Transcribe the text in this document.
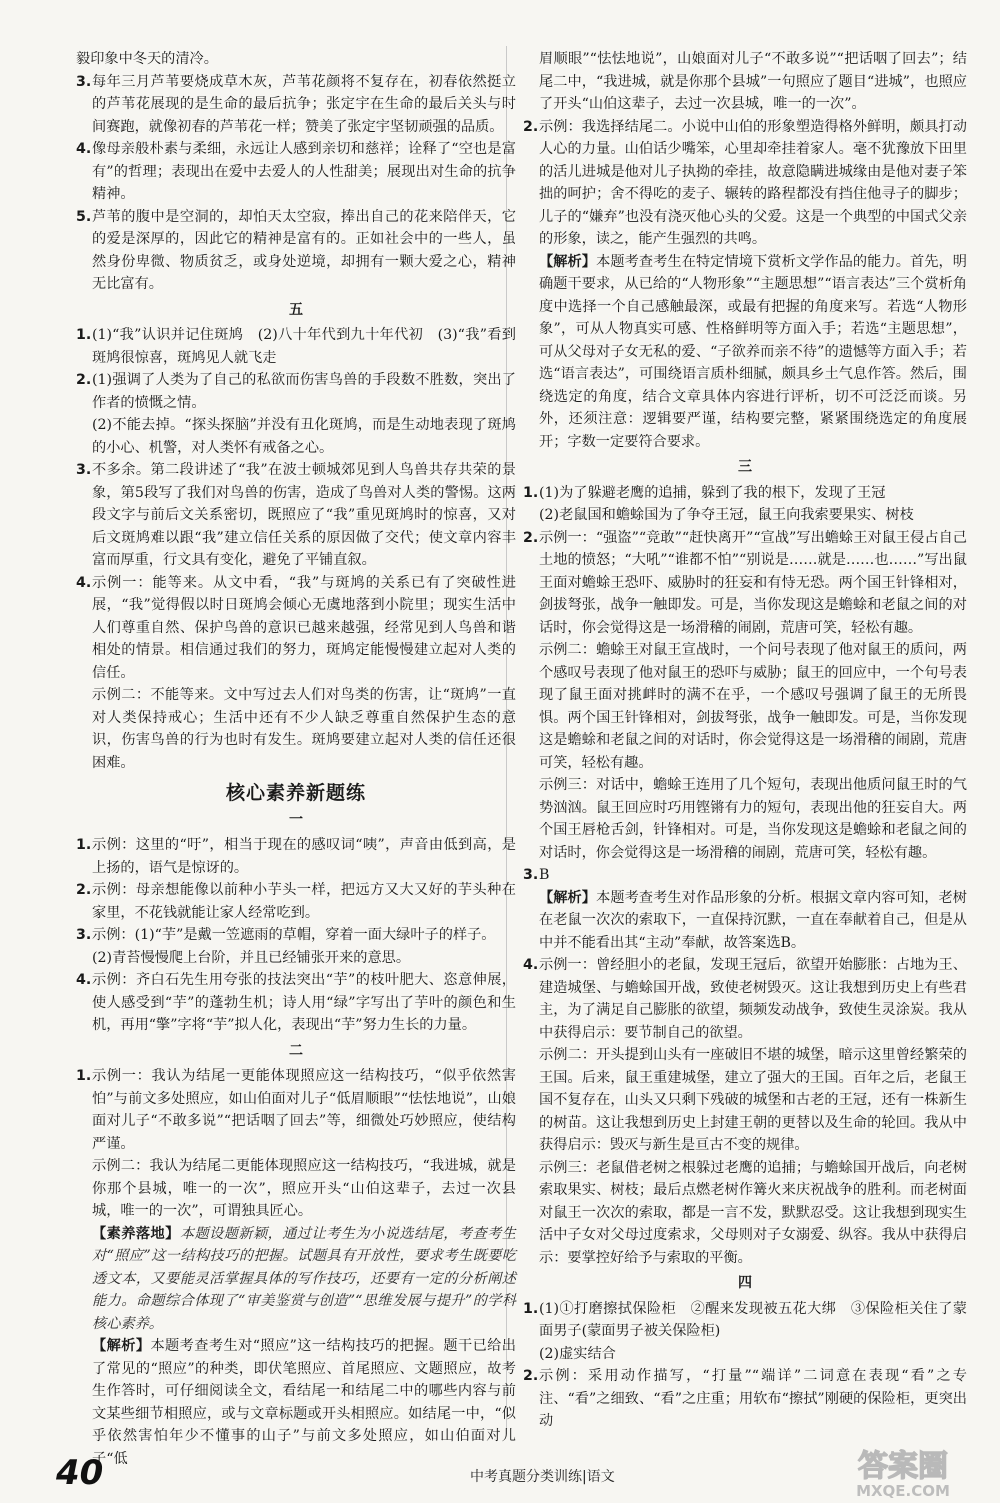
毅印象中冬天的清冷。

3. 每年三月芦苇要烧成草木灰，芦苇花颜将不复存在，初春依然挺立的芦苇花展现的是生命的最后抗争；张定宇在生命的最后关头与时间赛跑，就像初春的芦苇花一样；赞美了张定宇坚韧顽强的品质。

4. 像母亲般朴素与柔细，永远让人感到亲切和慈祥；诠释了“空也是富有”的哲理；表现出在爱中去爱人的人性甜美；展现出对生命的抗争精神。

5. 芦苇的腹中是空洞的，却怕天太空寂，捧出自己的花来陪伴天，它的爱是深厚的，因此它的精神是富有的。正如社会中的一些人，虽然身份卑微、物质贫乏，或身处逆境，却拥有一颗大爱之心，精神无比富有。

五

1. (1)“我”认识并记住斑鸠　(2)八十年代到九十年代初　(3)“我”看到斑鸠很惊喜，斑鸠见人就飞走

2. (1)强调了人类为了自己的私欲而伤害鸟兽的手段数不胜数，突出了作者的愤慨之情。

(2)不能去掉。“探头探脑”并没有丑化斑鸠，而是生动地表现了斑鸠的小心、机警，对人类怀有戒备之心。

3. 不多余。第二段讲述了“我”在波士顿城郊见到人鸟兽共存共荣的景象，第5段写了我们对鸟兽的伤害，造成了鸟兽对人类的警惕。这两段文字与前后文关系密切，既照应了“我”重见斑鸠时的惊喜，又对后文斑鸠难以跟“我”建立信任关系的原因做了交代；使文章内容丰富而厚重，行文具有变化，避免了平铺直叙。

4. 示例一：能等来。从文中看，“我”与斑鸠的关系已有了突破性进展，“我”觉得假以时日斑鸠会倾心无虞地落到小院里；现实生活中人们尊重自然、保护鸟兽的意识已越来越强，经常见到人鸟兽和谐相处的情景。相信通过我们的努力，斑鸠定能慢慢建立起对人类的信任。

示例二：不能等来。文中写过去人们对鸟类的伤害，让“斑鸠”一直对人类保持戒心；生活中还有不少人缺乏尊重自然保护生态的意识，伤害鸟兽的行为也时有发生。斑鸠要建立起对人类的信任还很困难。

核心素养新题练
一

1. 示例：这里的“吁”，相当于现在的感叹词“咦”，声音由低到高，是上扬的，语气是惊讶的。

2. 示例：母亲想能像以前种小芋头一样，把远方又大又好的芋头种在家里，不花钱就能让家人经常吃到。

3. 示例：(1)“芋”是戴一笠遮雨的草帽，穿着一面大绿叶子的样子。

(2)青苔慢慢爬上台阶，并且已经铺张开来的意思。

4. 示例：齐白石先生用夸张的技法突出“芋”的枝叶肥大、恣意伸展，使人感受到“芋”的蓬勃生机；诗人用“绿”字写出了芋叶的颜色和生机，再用“擎”字将“芋”拟人化，表现出“芋”努力生长的力量。

二

1. 示例一：我认为结尾一更能体现照应这一结构技巧，“似乎依然害怕”与前文多处照应，如山伯面对儿子“低眉顺眼”“怯怯地说”，山娘面对儿子“不敢多说”“把话咽了回去”等，细微处巧妙照应，使结构严谨。

示例二：我认为结尾二更能体现照应这一结构技巧，“我进城，就是你那个县城，唯一的一次”，照应开头“山伯这辈子，去过一次县城，唯一的一次”，可谓独具匠心。

【素养落地】本题设题新颖，通过让考生为小说选结尾，考查考生对“照应”这一结构技巧的把握。试题具有开放性，要求考生既要吃透文本，又要能灵活掌握具体的写作技巧，还要有一定的分析阐述能力。命题综合体现了“审美鉴赏与创造”“思维发展与提升”的学科核心素养。

【解析】本题考查考生对“照应”这一结构技巧的把握。题干已给出了常见的“照应”的种类，即伏笔照应、首尾照应、文题照应，故考生作答时，可仔细阅读全文，看结尾一和结尾二中的哪些内容与前文某些细节相照应，或与文章标题或开头相照应。如结尾一中，“似乎依然害怕年少不懂事的山子”与前文多处照应，如山伯面对儿子“低

眉顺眼”“怯怯地说”，山娘面对儿子“不敢多说”“把话咽了回去”；结尾二中，“我进城，就是你那个县城”一句照应了题目“进城”，也照应了开头“山伯这辈子，去过一次县城，唯一的一次”。

2. 示例：我选择结尾二。小说中山伯的形象塑造得格外鲜明，颇具打动人心的力量。山伯话少嘴笨，心里却牵挂着家人。毫不犹豫放下田里的活儿进城是他对儿子执拗的牵挂，故意隐瞒进城缘由是他对妻子笨拙的呵护；舍不得吃的麦子、辗转的路程都没有挡住他寻子的脚步；儿子的“嫌弃”也没有浇灭他心头的父爱。这是一个典型的中国式父亲的形象，读之，能产生强烈的共鸣。

【解析】本题考查考生在特定情境下赏析文学作品的能力。首先，明确题干要求，从已给的“人物形象”“主题思想”“语言表达”三个赏析角度中选择一个自己感触最深，或最有把握的角度来写。若选“人物形象”，可从人物真实可感、性格鲜明等方面入手；若选“主题思想”，可从父母对子女无私的爱、“子欲养而亲不待”的遗憾等方面入手；若选“语言表达”，可围绕语言质朴细腻，颇具乡土气息作答。然后，围绕选定的角度，结合文章具体内容进行评析，切不可泛泛而谈。另外，还须注意：逻辑要严谨，结构要完整，紧紧围绕选定的角度展开；字数一定要符合要求。

三

1. (1)为了躲避老鹰的追捕，躲到了我的根下，发现了王冠

(2)老鼠国和蟾蜍国为了争夺王冠，鼠王向我索要果实、树枝

2. 示例一：“强盗”“竞敢”“赶快离开”“宣战”写出蟾蜍王对鼠王侵占自己土地的愤怒；“大吼”“谁都不怕”“别说是……就是……也……”写出鼠王面对蟾蜍王恐吓、威胁时的狂妄和有恃无恐。两个国王针锋相对，剑拔弩张，战争一触即发。可是，当你发现这是蟾蜍和老鼠之间的对话时，你会觉得这是一场滑稽的闹剧，荒唐可笑，轻松有趣。

示例二：蟾蜍王对鼠王宣战时，一个问号表现了他对鼠王的质问，两个感叹号表现了他对鼠王的恐吓与威胁；鼠王的回应中，一个句号表现了鼠王面对挑衅时的满不在乎，一个感叹号强调了鼠王的无所畏惧。两个国王针锋相对，剑拔弩张，战争一触即发。可是，当你发现这是蟾蜍和老鼠之间的对话时，你会觉得这是一场滑稽的闹剧，荒唐可笑，轻松有趣。

示例三：对话中，蟾蜍王连用了几个短句，表现出他质问鼠王时的气势汹汹。鼠王回应时巧用铿锵有力的短句，表现出他的狂妄自大。两个国王唇枪舌剑，针锋相对。可是，当你发现这是蟾蜍和老鼠之间的对话时，你会觉得这是一场滑稽的闹剧，荒唐可笑，轻松有趣。

3. B

【解析】本题考查考生对作品形象的分析。根据文章内容可知，老树在老鼠一次次的索取下，一直保持沉默，一直在奉献着自己，但是从中并不能看出其“主动”奉献，故答案选B。

4. 示例一：曾经胆小的老鼠，发现王冠后，欲望开始膨胀：占地为王、建造城堡、与蟾蜍国开战，致使老树毁灭。这让我想到历史上有些君主，为了满足自己膨胀的欲望，频频发动战争，致使生灵涂炭。我从中获得启示：要节制自己的欲望。

示例二：开头提到山头有一座破旧不堪的城堡，暗示这里曾经繁荣的王国。后来，鼠王重建城堡，建立了强大的王国。百年之后，老鼠王国不复存在，山头又只剩下残破的城堡和古老的王冠，还有一株新生的树苗。这让我想到历史上封建王朝的更替以及生命的轮回。我从中获得启示：毁灭与新生是亘古不变的规律。

示例三：老鼠借老树之根躲过老鹰的追捕；与蟾蜍国开战后，向老树索取果实、树枝；最后点燃老树作篝火来庆祝战争的胜利。而老树面对鼠王一次次的索取，都是一言不发，默默忍受。这让我想到现实生活中子女对父母过度索求，父母则对子女溺爱、纵容。我从中获得启示：要掌控好给予与索取的平衡。

四

1. (1)①打磨擦拭保险柜　②醒来发现被五花大绑　③保险柜关住了蒙面男子(蒙面男子被关保险柜)

(2)虚实结合

2. 示例：采用动作描写，“打量”“端详”二词意在表现“看”之专注、“看”之细致、“看”之庄重；用软布“擦拭”刚硬的保险柜，更突出动

40	中考真题分类训练|语文	答案圈
MXQE.COM
